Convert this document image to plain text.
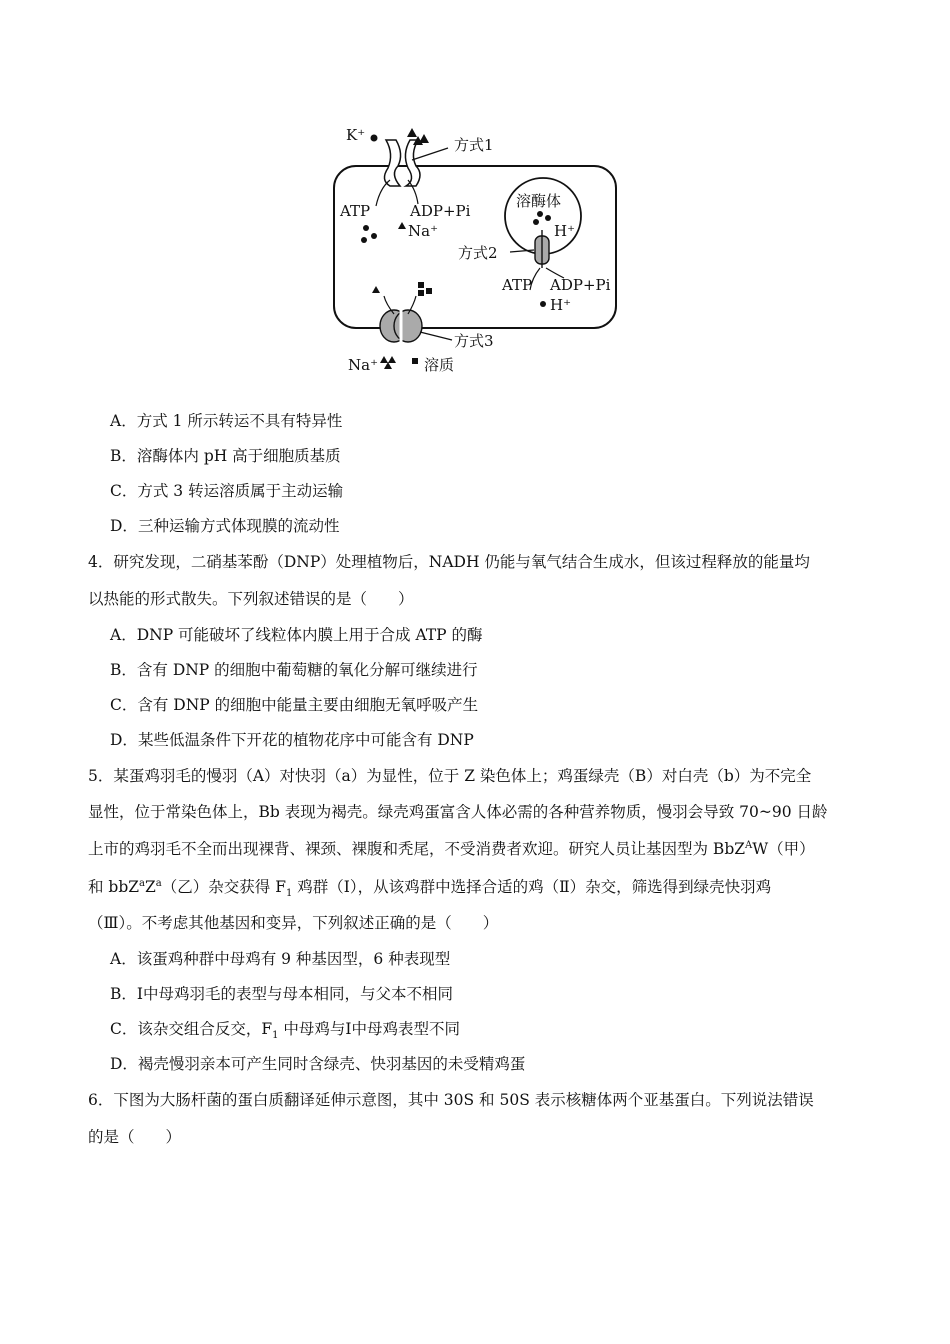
K⁺
方式1
ATP	ADP+Pi
Na⁺
溶酶体
H⁺
方式2
ATP ADP+Pi
H⁺
方式3
Na⁺	溶质
A．方式 1 所示转运不具有特异性
B．溶酶体内 pH 高于细胞质基质
C．方式 3 转运溶质属于主动运输
D．三种运输方式体现膜的流动性
4．研究发现，二硝基苯酚（DNP）处理植物后，NADH 仍能与氧气结合生成水，但该过程释放的能量均
以热能的形式散失。下列叙述错误的是（　　）
A．DNP 可能破坏了线粒体内膜上用于合成 ATP 的酶
B．含有 DNP 的细胞中葡萄糖的氧化分解可继续进行
C．含有 DNP 的细胞中能量主要由细胞无氧呼吸产生
D．某些低温条件下开花的植物花序中可能含有 DNP
5．某蛋鸡羽毛的慢羽（A）对快羽（a）为显性，位于 Z 染色体上；鸡蛋绿壳（B）对白壳（b）为不完全
显性，位于常染色体上，Bb 表现为褐壳。绿壳鸡蛋富含人体必需的各种营养物质，慢羽会导致 70~90 日龄
上市的鸡羽毛不全而出现裸背、裸颈、裸腹和秃尾，不受消费者欢迎。研究人员让基因型为 BbZ$^A$W（甲）
和 $bbZ^aZ^a$（乙）杂交获得 $F_1$ 鸡群（Ⅰ），从该鸡群中选择合适的鸡（Ⅱ）杂交，筛选得到绿壳快羽鸡
（Ⅲ）。不考虑其他基因和变异，下列叙述正确的是（　　）
A．该蛋鸡种群中母鸡有 9 种基因型，6 种表现型
B．Ⅰ中母鸡羽毛的表型与母本相同，与父本不相同
C．该杂交组合反交，$F_1$ 中母鸡与Ⅰ中母鸡表型不同
D．褐壳慢羽亲本可产生同时含绿壳、快羽基因的未受精鸡蛋
6．下图为大肠杆菌的蛋白质翻译延伸示意图，其中 30S 和 50S 表示核糖体两个亚基蛋白。下列说法错误
的是（　　）
